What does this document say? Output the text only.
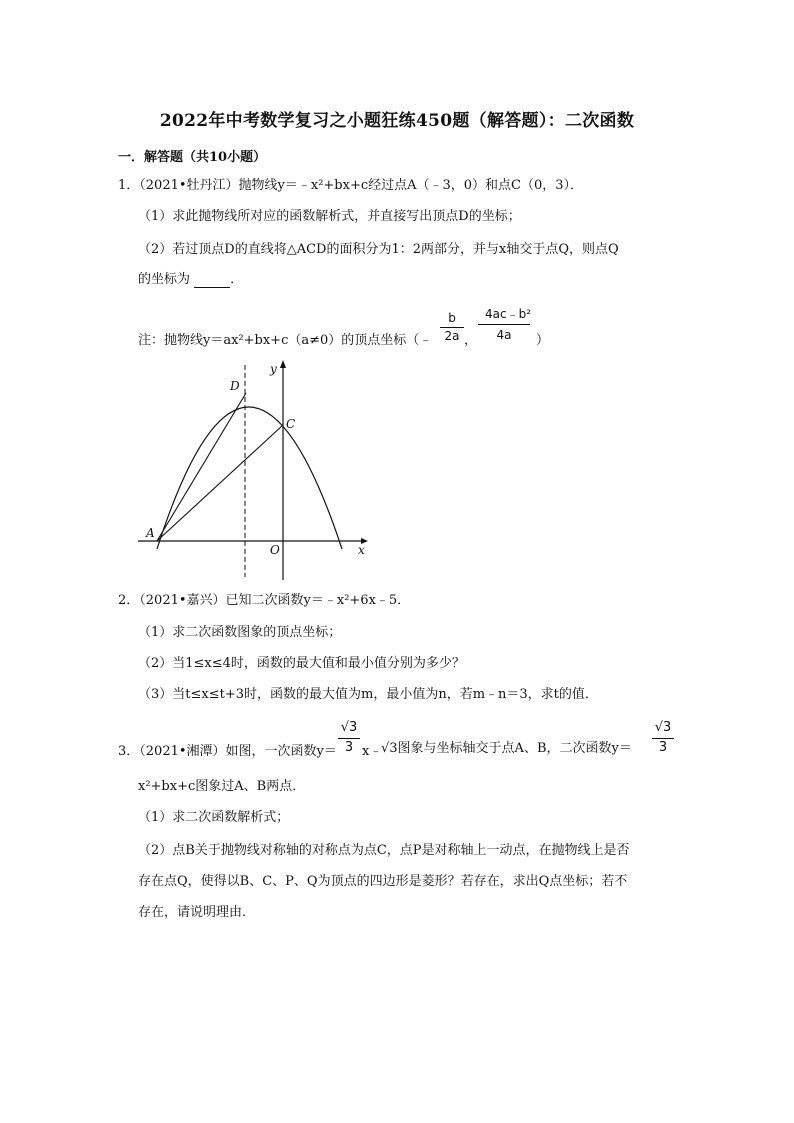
2022年中考数学复习之小题狂练450题（解答题）：二次函数
一．解答题（共10小题）
1．（2021•牡丹江）抛物线y＝﹣x²+bx+c经过点A（﹣3，0）和点C（0，3）．
（1）求此抛物线所对应的函数解析式，并直接写出顶点D的坐标；
（2）若过顶点D的直线将△ACD的面积分为1：2两部分，并与x轴交于点Q，则点Q
的坐标为	．
注：抛物线y＝ax²+bx+c（a≠0）的顶点坐标（﹣
b
2a ，
4ac﹣b²
4a	）
D
C
A
O	x
y
2．（2021•嘉兴）已知二次函数y＝﹣x²+6x﹣5．
（1）求二次函数图象的顶点坐标；
（2）当1≤x≤4时，函数的最大值和最小值分别为多少？
（3）当t≤x≤t+3时，函数的最大值为m，最小值为n，若m﹣n＝3，求t的值．
3．（2021•湘潭）如图，一次函数y＝
√3
3 x﹣
√3图象与坐标轴交于点A、B，二次函数y＝
√3
3
x²+bx+c图象过A、B两点．
（1）求二次函数解析式；
（2）点B关于抛物线对称轴的对称点为点C，点P是对称轴上一动点，在抛物线上是否
存在点Q，使得以B、C、P、Q为顶点的四边形是菱形？若存在，求出Q点坐标；若不
存在，请说明理由．
